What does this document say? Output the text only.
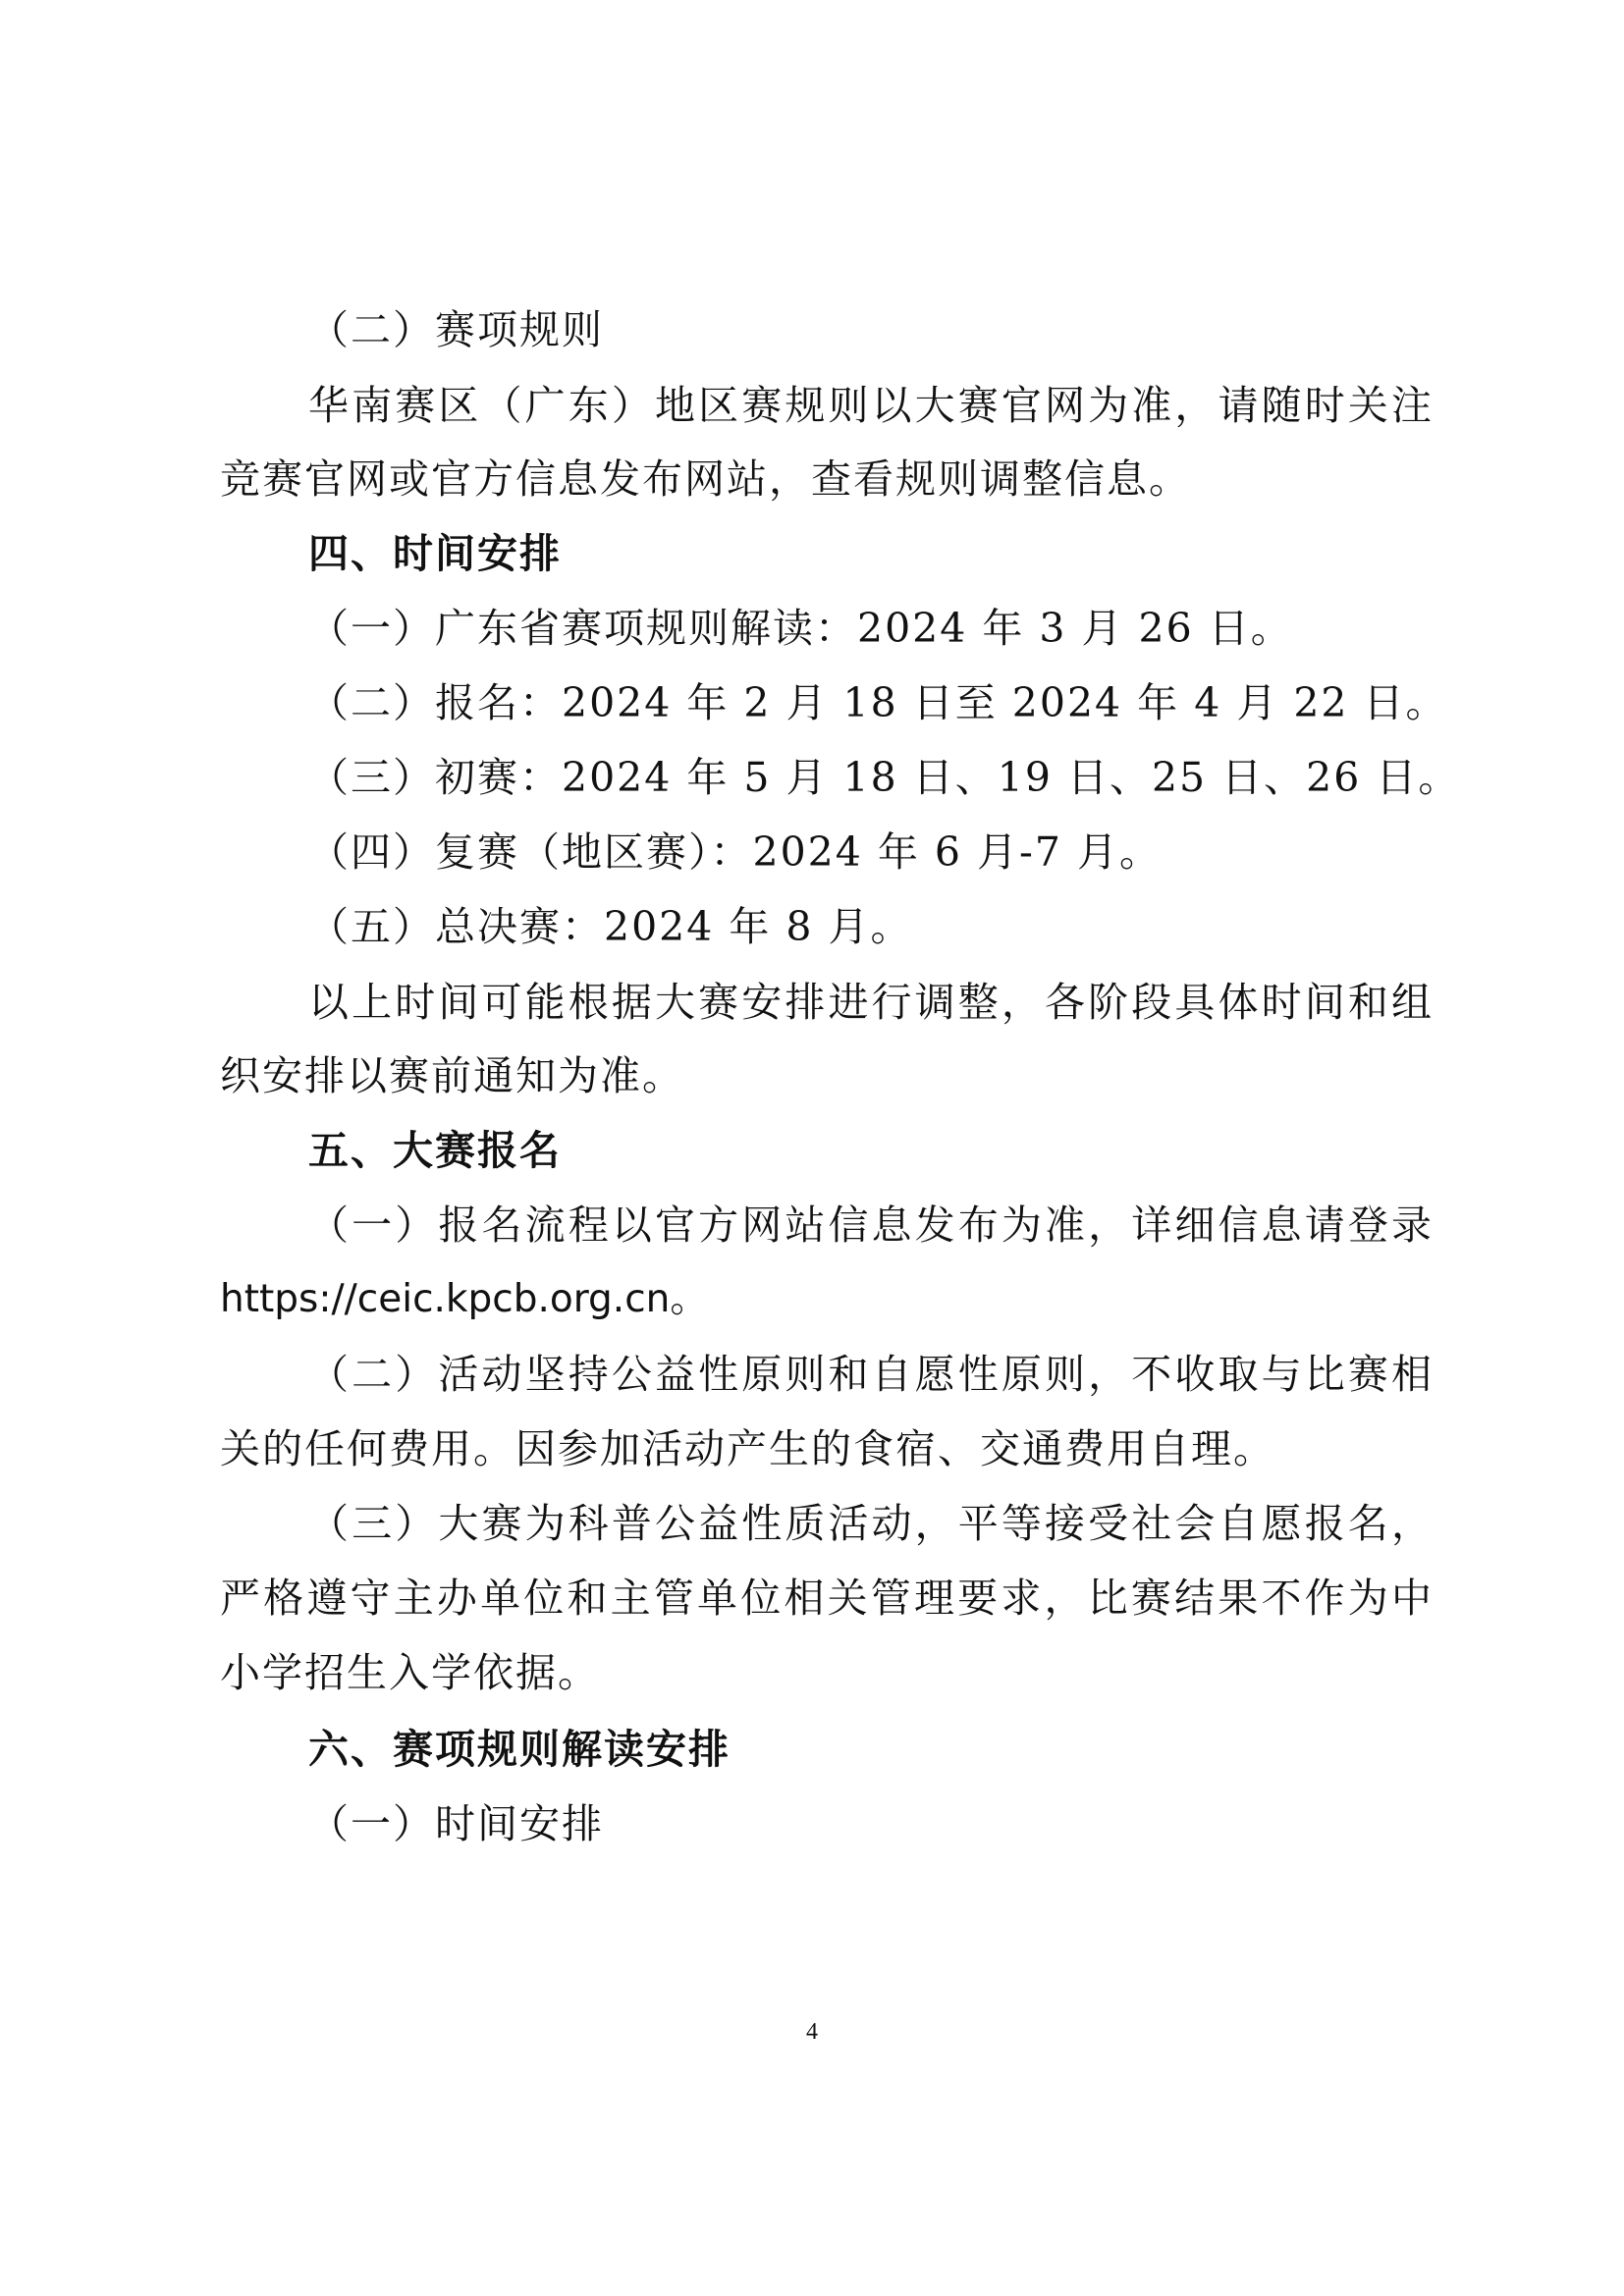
（二）赛项规则
华南赛区（广东）地区赛规则以大赛官网为准，请随时关注
竞赛官网或官方信息发布网站，查看规则调整信息。
四、时间安排
（一）广东省赛项规则解读：2024 年 3 月 26 日。
（二）报名：2024 年 2 月 18 日至 2024 年 4 月 22 日。
（三）初赛：2024 年 5 月 18 日、19 日、25 日、26 日。
（四）复赛（地区赛）：2024 年 6 月-7 月。
（五）总决赛：2024 年 8 月。
以上时间可能根据大赛安排进行调整，各阶段具体时间和组
织安排以赛前通知为准。
五、大赛报名
（一）报名流程以官方网站信息发布为准，详细信息请登录
https://ceic.kpcb.org.cn。
（二）活动坚持公益性原则和自愿性原则，不收取与比赛相
关的任何费用。因参加活动产生的食宿、交通费用自理。
（三）大赛为科普公益性质活动，平等接受社会自愿报名，
严格遵守主办单位和主管单位相关管理要求，比赛结果不作为中
小学招生入学依据。
六、赛项规则解读安排
（一）时间安排
4
